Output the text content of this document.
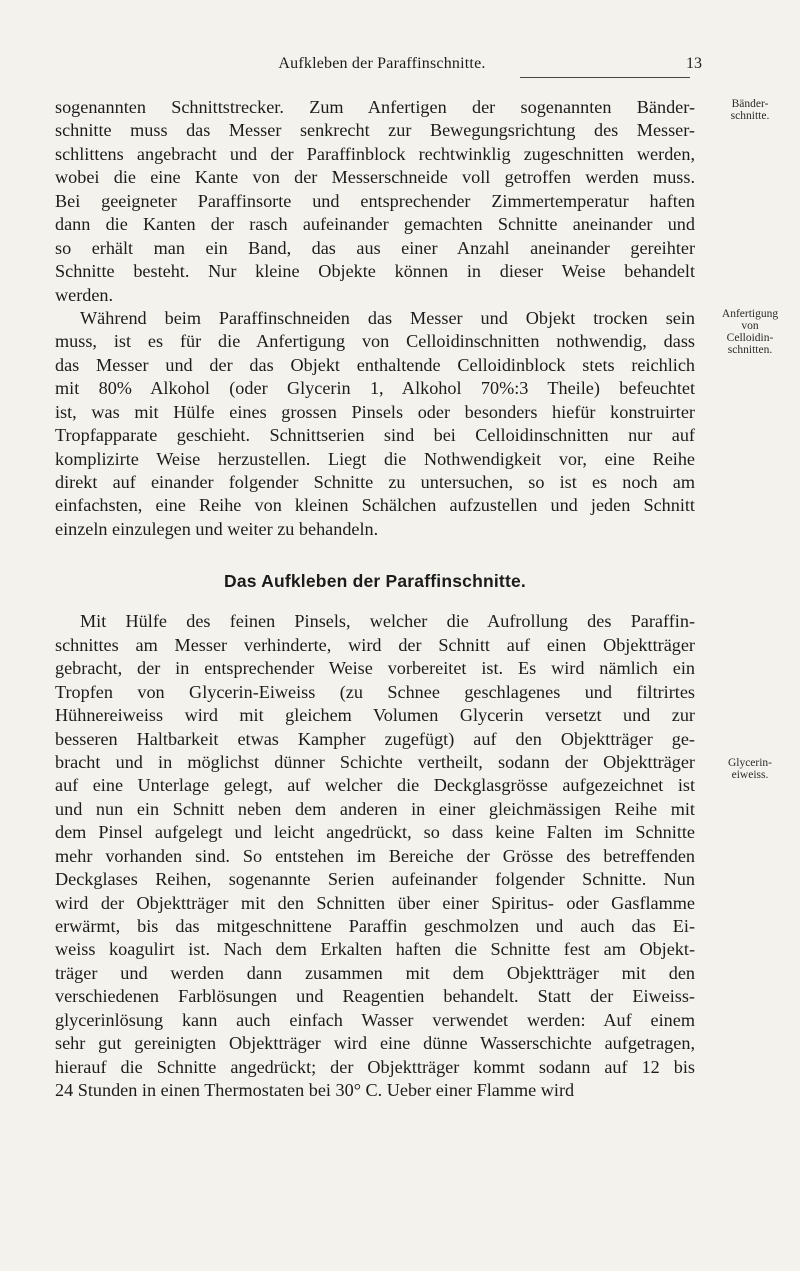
Aufkleben der Paraffinschnitte.	13
Bänder-
schnitte.
Anfertigung
von
Celloidin-
schnitten.
Glycerin-
eiweiss.
sogenannten Schnittstrecker. Zum Anfertigen der sogenannten Bänder-
schnitte muss das Messer senkrecht zur Bewegungsrichtung des Messer-
schlittens angebracht und der Paraffinblock rechtwinklig zugeschnitten werden,
wobei die eine Kante von der Messerschneide voll getroffen werden muss.
Bei geeigneter Paraffinsorte und entsprechender Zimmertemperatur haften
dann die Kanten der rasch aufeinander gemachten Schnitte aneinander und
so erhält man ein Band, das aus einer Anzahl aneinander gereihter
Schnitte besteht. Nur kleine Objekte können in dieser Weise behandelt
werden.
Während beim Paraffinschneiden das Messer und Objekt trocken sein
muss, ist es für die Anfertigung von Celloidinschnitten nothwendig, dass
das Messer und der das Objekt enthaltende Celloidinblock stets reichlich
mit 80% Alkohol (oder Glycerin 1, Alkohol 70%:3 Theile) befeuchtet
ist, was mit Hülfe eines grossen Pinsels oder besonders hiefür konstruirter
Tropfapparate geschieht. Schnittserien sind bei Celloidinschnitten nur auf
komplizirte Weise herzustellen. Liegt die Nothwendigkeit vor, eine Reihe
direkt auf einander folgender Schnitte zu untersuchen, so ist es noch am
einfachsten, eine Reihe von kleinen Schälchen aufzustellen und jeden Schnitt
einzeln einzulegen und weiter zu behandeln.
Das Aufkleben der Paraffinschnitte.
Mit Hülfe des feinen Pinsels, welcher die Aufrollung des Paraffin-
schnittes am Messer verhinderte, wird der Schnitt auf einen Objektträger
gebracht, der in entsprechender Weise vorbereitet ist. Es wird nämlich ein
Tropfen von Glycerin-Eiweiss (zu Schnee geschlagenes und filtrirtes
Hühnereiweiss wird mit gleichem Volumen Glycerin versetzt und zur
besseren Haltbarkeit etwas Kampher zugefügt) auf den Objektträger ge-
bracht und in möglichst dünner Schichte vertheilt, sodann der Objektträger
auf eine Unterlage gelegt, auf welcher die Deckglasgrösse aufgezeichnet ist
und nun ein Schnitt neben dem anderen in einer gleichmässigen Reihe mit
dem Pinsel aufgelegt und leicht angedrückt, so dass keine Falten im Schnitte
mehr vorhanden sind. So entstehen im Bereiche der Grösse des betreffenden
Deckglases Reihen, sogenannte Serien aufeinander folgender Schnitte. Nun
wird der Objektträger mit den Schnitten über einer Spiritus- oder Gasflamme
erwärmt, bis das mitgeschnittene Paraffin geschmolzen und auch das Ei-
weiss koagulirt ist. Nach dem Erkalten haften die Schnitte fest am Objekt-
träger und werden dann zusammen mit dem Objektträger mit den
verschiedenen Farblösungen und Reagentien behandelt. Statt der Eiweiss-
glycerinlösung kann auch einfach Wasser verwendet werden: Auf einem
sehr gut gereinigten Objektträger wird eine dünne Wasserschichte aufgetragen,
hierauf die Schnitte angedrückt; der Objektträger kommt sodann auf 12 bis
24 Stunden in einen Thermostaten bei 30° C. Ueber einer Flamme wird
